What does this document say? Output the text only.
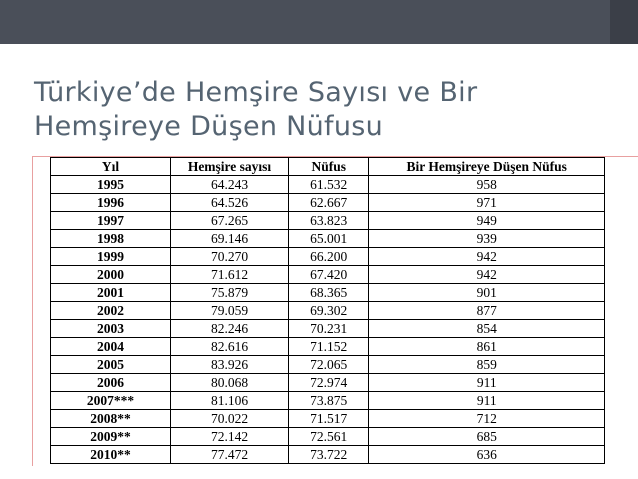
Türkiye’de Hemşire Sayısı ve Bir
Hemşireye Düşen Nüfusu
Yıl	Hemşire sayısı	Nüfus	Bir Hemşireye Düşen Nüfus
1995	64.243	61.532	958
1996	64.526	62.667	971
1997	67.265	63.823	949
1998	69.146	65.001	939
1999	70.270	66.200	942
2000	71.612	67.420	942
2001	75.879	68.365	901
2002	79.059	69.302	877
2003	82.246	70.231	854
2004	82.616	71.152	861
2005	83.926	72.065	859
2006	80.068	72.974	911
2007***	81.106	73.875	911
2008**	70.022	71.517	712
2009**	72.142	72.561	685
2010**	77.472	73.722	636
